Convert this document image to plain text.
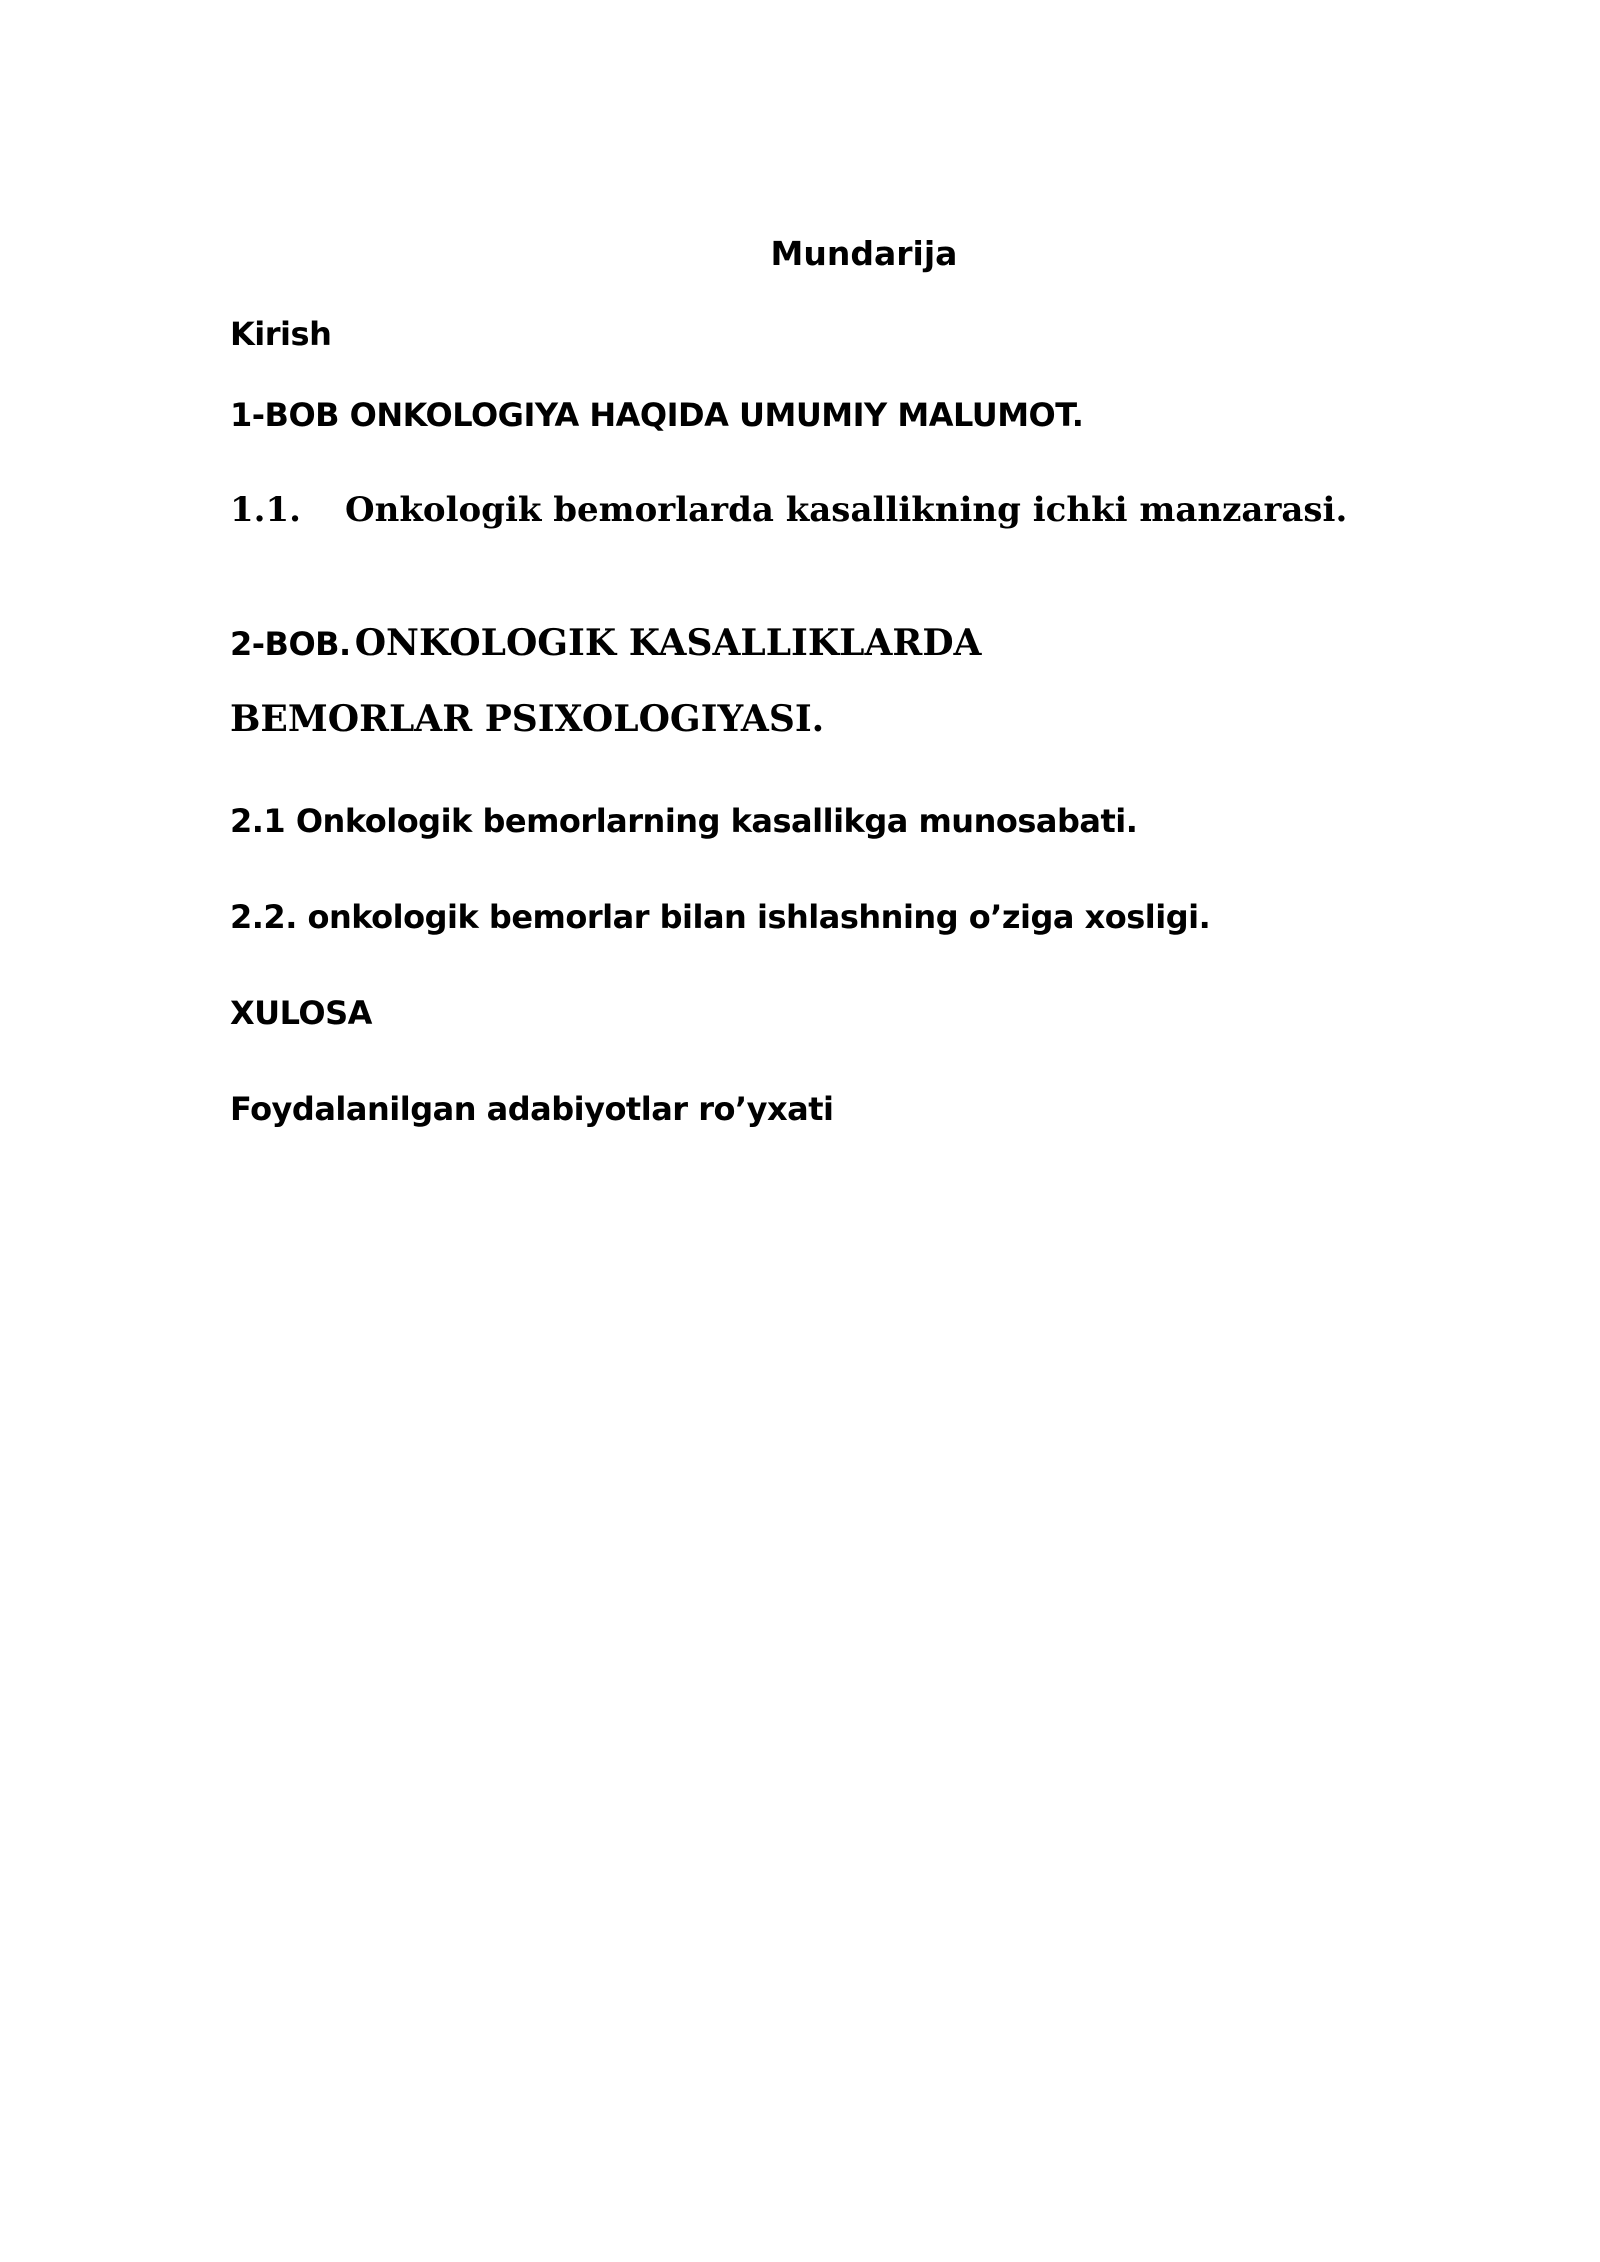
Mundarija
Kirish
1-BOB ONKOLOGIYA HAQIDA UMUMIY MALUMOT.
1.1. Onkologik bemorlarda kasallikning ichki manzarasi.
2-BOB. ONKOLOGIK KASALLIKLARDA
BEMORLAR PSIXOLOGIYASI.
2.1 Onkologik bemorlarning kasallikga munosabati.
2.2. onkologik bemorlar bilan ishlashning o’ziga xosligi.
XULOSA
Foydalanilgan adabiyotlar ro’yxati
